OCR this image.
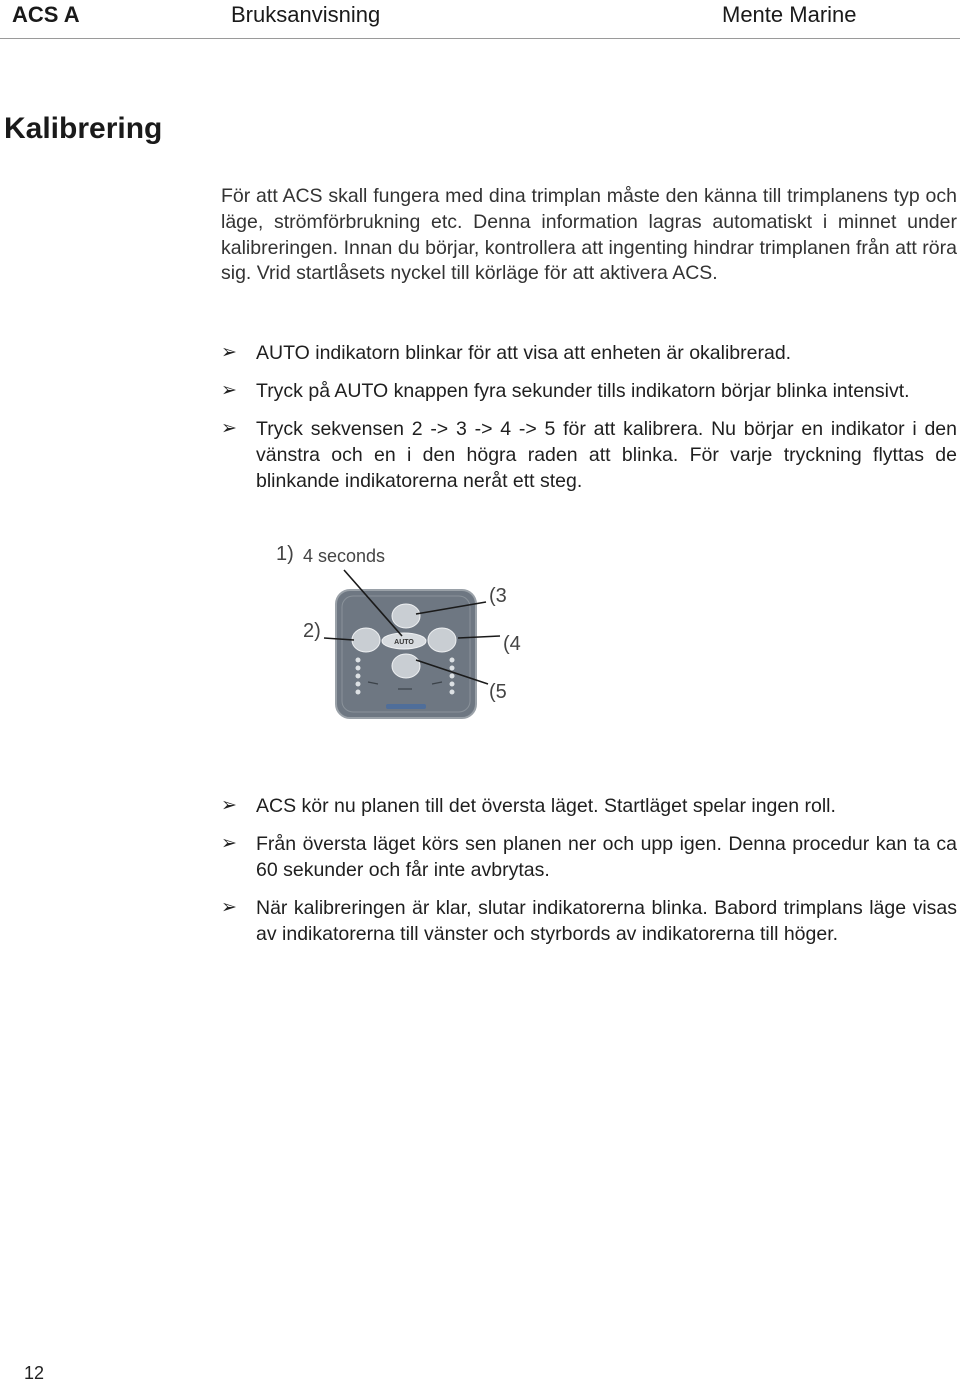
ACS A	Bruksanvisning	Mente Marine
Kalibrering

För att ACS skall fungera med dina trimplan måste den känna till trimplanens typ och läge, strömförbrukning etc. Denna information lagras automatiskt i minnet under kalibreringen. Innan du börjar, kontrollera att ingenting hindrar trimplanen från att röra sig. Vrid startlåsets nyckel till körläge för att aktivera ACS.

➢ AUTO indikatorn blinkar för att visa att enheten är okalibrerad.
➢ Tryck på AUTO knappen fyra sekunder tills indikatorn börjar blinka intensivt.
➢ Tryck sekvensen 2 -> 3 -> 4 -> 5 för att kalibrera. Nu börjar en indikator i den vänstra och en i den högra raden att blinka. För varje tryckning flyttas de blinkande indikatorerna neråt ett steg.
1) 4 seconds
2)
(3
(4
(5
AUTO
➢ ACS kör nu planen till det översta läget. Startläget spelar ingen roll.
➢ Från översta läget körs sen planen ner och upp igen. Denna procedur kan ta ca 60 sekunder och får inte avbrytas.
➢ När kalibreringen är klar, slutar indikatorerna blinka. Babord trimplans läge visas av indikatorerna till vänster och styrbords av indikatorerna till höger.
12
